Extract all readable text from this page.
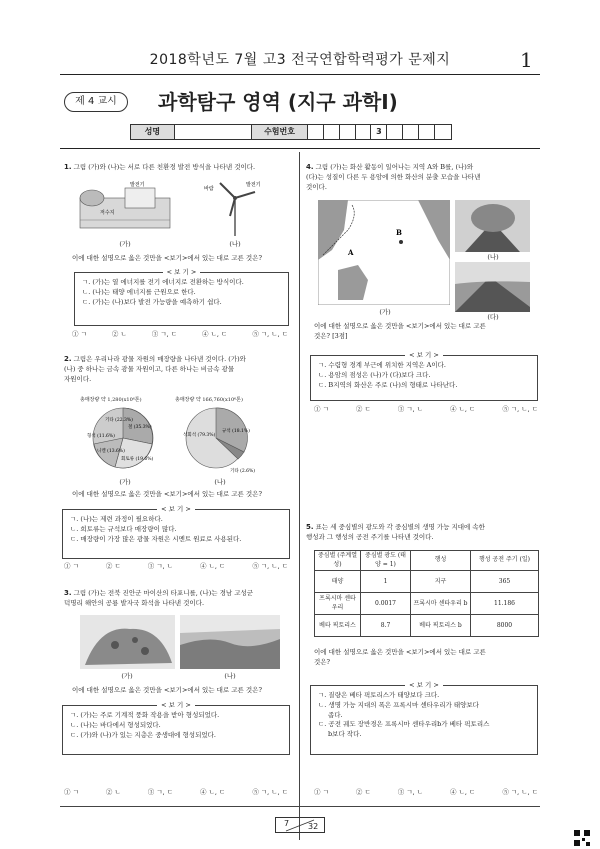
2018학년도 7월 고3 전국연합학력평가 문제지	1
제 4 교시	과학탐구 영역 (지구 과학Ⅰ)
성명	수험번호	3
1. 그림 (가)와 (나)는 서로 다른 친환경 발전 방식을 나타낸 것이다.
저수지
발전기
바람
발전기
(가)	(나)
이에 대한 설명으로 옳은 것만을 <보기>에서 있는 대로 고른 것은?
< 보 기 >
ㄱ. (가)는 열 에너지를 전기 에너지로 전환하는 방식이다.
ㄴ. (나)는 태양 에너지를 근원으로 한다.
ㄷ. (가)는 (나)보다 발전 가능량을 예측하기 쉽다.
① ㄱ	② ㄴ	③ ㄱ, ㄷ	④ ㄴ, ㄷ	⑤ ㄱ, ㄴ, ㄷ
2. 그림은 우리나라 광물 자원의 매장량을 나타낸 것이다. (가)와
(나) 중 하나는 금속 광물 자원이고, 다른 하나는 비금속 광물
자원이다.
총매장량 약 1,280(x10⁶톤)	총매장량 약 166,760(x10⁶톤)
기타 (22.3%)
철 (35.3%)
형석 (11.6%)
니켈 (13.6%)
회토류 (19.6%)
석회석 (79.3%)
규석 (18.1%)
기타 (2.6%)
(가)	(나)
이에 대한 설명으로 옳은 것만을 <보기>에서 있는 대로 고른 것은?
< 보 기 >
ㄱ. (나)는 제련 과정이 필요하다.
ㄴ. 희토류는 규석보다 매장량이 많다.
ㄷ. 매장량이 가장 많은 광물 자원은 시멘트 원료로 사용된다.
① ㄱ	② ㄷ	③ ㄱ, ㄴ	④ ㄴ, ㄷ	⑤ ㄱ, ㄴ, ㄷ
3. 그림 (가)는 전북 진안군 마이산의 타포니를, (나)는 경남 고성군
덕명리 해안의 공룡 발자국 화석을 나타낸 것이다.
(가)	(나)
이에 대한 설명으로 옳은 것만을 <보기>에서 있는 대로 고른 것은?
< 보 기 >
ㄱ. (가)는 주로 기계적 풍화 작용을 받아 형성되었다.
ㄴ. (나)는 바다에서 형성되었다.
ㄷ. (가)와 (나)가 있는 지층은 중생대에 형성되었다.
① ㄱ	② ㄴ	③ ㄱ, ㄷ	④ ㄴ, ㄷ	⑤ ㄱ, ㄴ, ㄷ
4. 그림 (가)는 화산 활동이 일어나는 지역 A와 B를, (나)와
(다)는 성질이 다른 두 용암에 의한 화산의 분출 모습을 나타낸
것이다.
A
B
(가)
(나)
(다)
이에 대한 설명으로 옳은 것만을 <보기>에서 있는 대로 고른
것은? [3점]
< 보 기 >
ㄱ. 수렴형 경계 부근에 위치한 지역은 A이다.
ㄴ. 용암의 점성은 (나)가 (다)보다 크다.
ㄷ. B지역의 화산은 주로 (나)의 형태로 나타난다.
① ㄱ	② ㄷ	③ ㄱ, ㄴ	④ ㄴ, ㄷ	⑤ ㄱ, ㄴ, ㄷ
5. 표는 세 중심별의 광도와 각 중심별의 생명 가능 지대에 속한
행성과 그 행성의 공전 주기를 나타낸 것이다.
중심별 (주계열성)	중심별 광도 (태양 = 1)	행성	행성 공전 주기 (일)
태양	1	지구	365
프록시마 센타우리	0.0017	프록시마 센타우리 b	11.186
베타 픽토리스	8.7	베타 픽토리스 b	8000
이에 대한 설명으로 옳은 것만을 <보기>에서 있는 대로 고른
것은?
< 보 기 >
ㄱ. 질량은 베타 픽토리스가 태양보다 크다.
ㄴ. 생명 가능 지대의 폭은 프록시마 센타우리가 태양보다
좁다.
ㄷ. 공전 궤도 장반경은 프록시마 센타우리b가 베타 픽토리스
b보다 작다.
① ㄱ	② ㄷ	③ ㄱ, ㄴ	④ ㄴ, ㄷ	⑤ ㄱ, ㄴ, ㄷ
7 32
